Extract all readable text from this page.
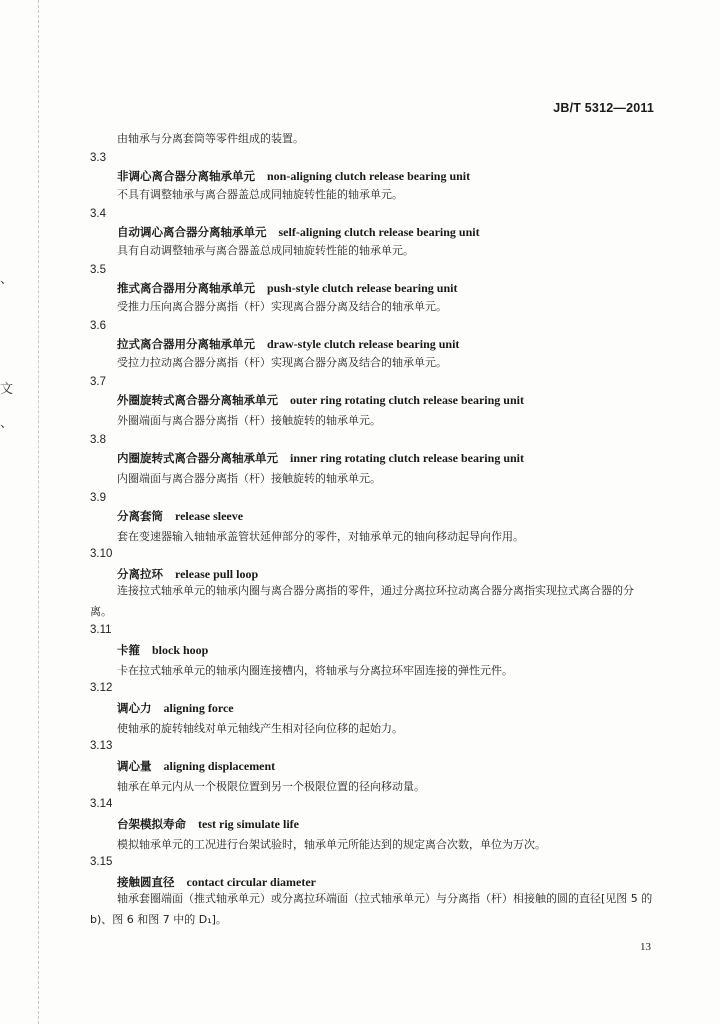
、
文
、
JB/T 5312—2011
由轴承与分离套筒等零件组成的装置。
3.3
非调心离合器分离轴承单元 non-aligning clutch release bearing unit
不具有调整轴承与离合器盖总成同轴旋转性能的轴承单元。
3.4
自动调心离合器分离轴承单元 self-aligning clutch release bearing unit
具有自动调整轴承与离合器盖总成同轴旋转性能的轴承单元。
3.5
推式离合器用分离轴承单元 push-style clutch release bearing unit
受推力压向离合器分离指（杆）实现离合器分离及结合的轴承单元。
3.6
拉式离合器用分离轴承单元 draw-style clutch release bearing unit
受拉力拉动离合器分离指（杆）实现离合器分离及结合的轴承单元。
3.7
外圈旋转式离合器分离轴承单元 outer ring rotating clutch release bearing unit
外圈端面与离合器分离指（杆）接触旋转的轴承单元。
3.8
内圈旋转式离合器分离轴承单元 inner ring rotating clutch release bearing unit
内圈端面与离合器分离指（杆）接触旋转的轴承单元。
3.9
分离套筒 release sleeve
套在变速器输入轴轴承盖管状延伸部分的零件，对轴承单元的轴向移动起导向作用。
3.10
分离拉环 release pull loop
连接拉式轴承单元的轴承内圈与离合器分离指的零件，通过分离拉环拉动离合器分离指实现拉式离合器的分离。
3.11
卡箍 block hoop
卡在拉式轴承单元的轴承内圈连接槽内，将轴承与分离拉环牢固连接的弹性元件。
3.12
调心力 aligning force
使轴承的旋转轴线对单元轴线产生相对径向位移的起始力。
3.13
调心量 aligning displacement
轴承在单元内从一个极限位置到另一个极限位置的径向移动量。
3.14
台架模拟寿命 test rig simulate life
模拟轴承单元的工况进行台架试验时，轴承单元所能达到的规定离合次数，单位为万次。
3.15
接触圆直径 contact circular diameter
轴承套圈端面（推式轴承单元）或分离拉环端面（拉式轴承单元）与分离指（杆）相接触的圆的直径[见图 5 的 b)、图 6 和图 7 中的 D₁]。
13
